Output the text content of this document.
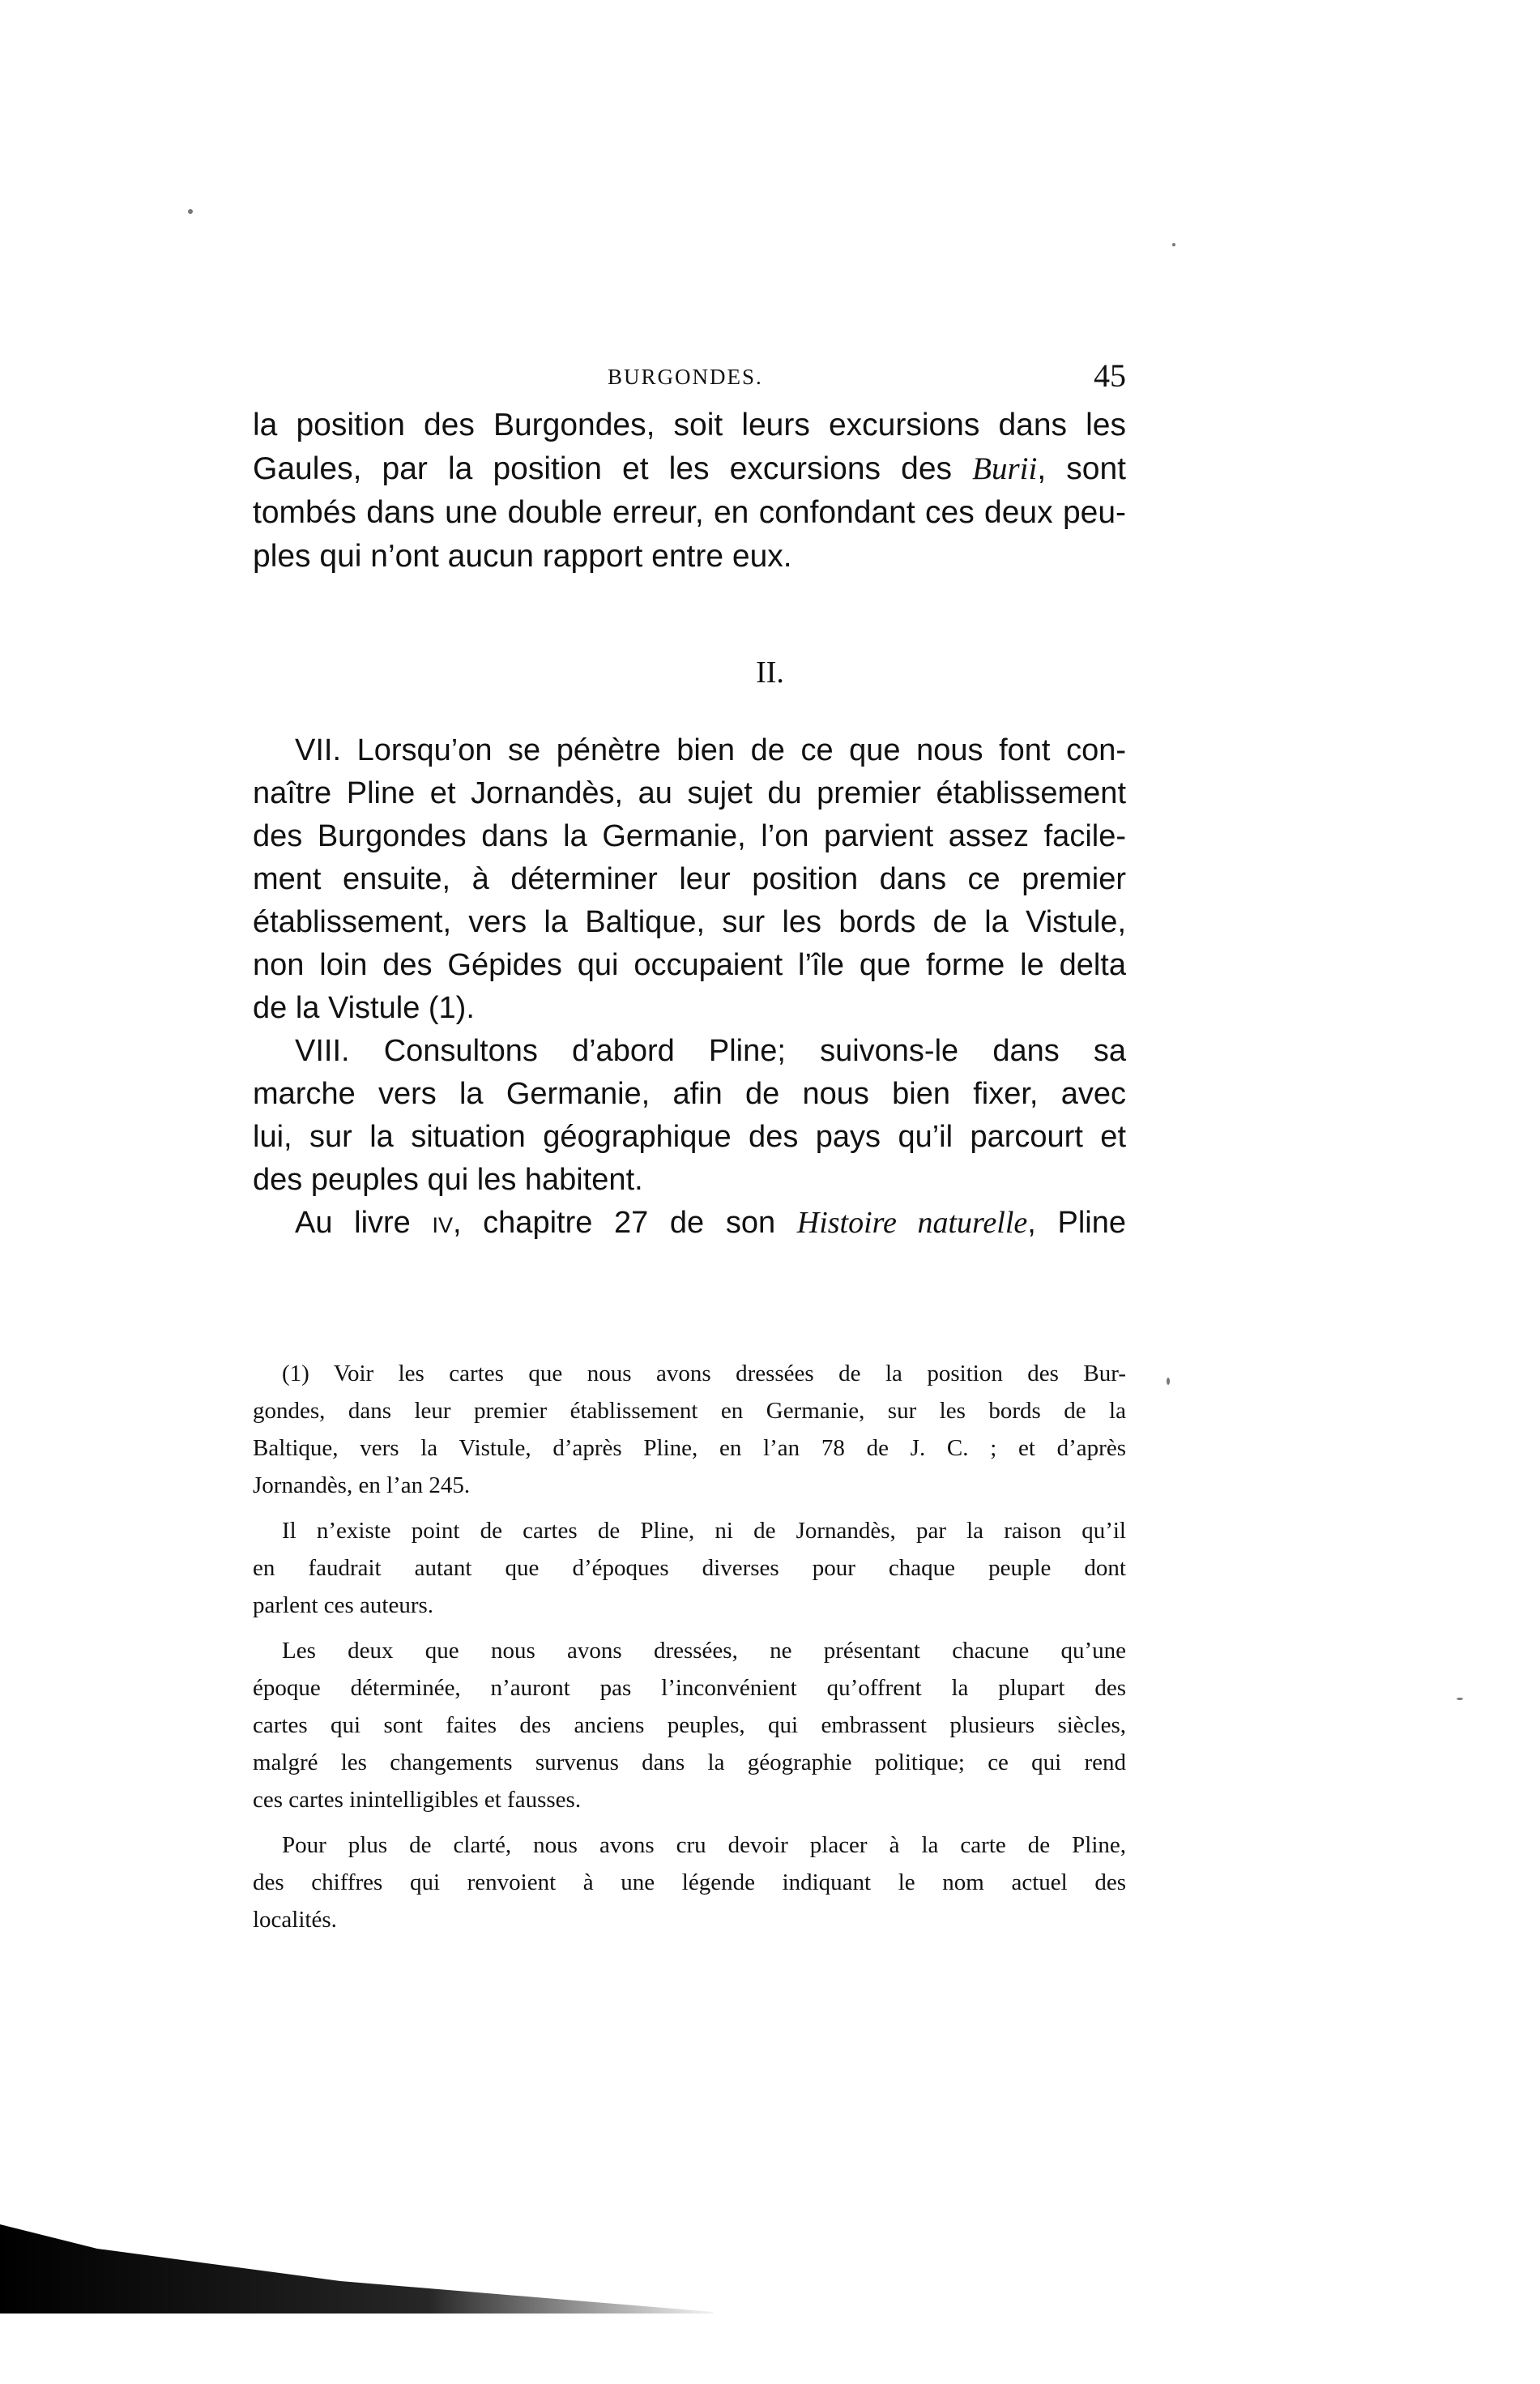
BURGONDES.	45
la position des Burgondes, soit leurs excursions dans les
Gaules, par la position et les excursions des Burii, sont
tombés dans une double erreur, en confondant ces deux peu-
ples qui n’ont aucun rapport entre eux.
II.
VII. Lorsqu’on se pénètre bien de ce que nous font con-
naître Pline et Jornandès, au sujet du premier établissement
des Burgondes dans la Germanie, l’on parvient assez facile-
ment ensuite, à déterminer leur position dans ce premier
établissement, vers la Baltique, sur les bords de la Vistule,
non loin des Gépides qui occupaient l’île que forme le delta
de la Vistule (1).
VIII. Consultons d’abord Pline; suivons-le dans sa
marche vers la Germanie, afin de nous bien fixer, avec
lui, sur la situation géographique des pays qu’il parcourt et
des peuples qui les habitent.
Au livre iv, chapitre 27 de son Histoire naturelle, Pline
(1) Voir les cartes que nous avons dressées de la position des Bur-
gondes, dans leur premier établissement en Germanie, sur les bords de la
Baltique, vers la Vistule, d’après Pline, en l’an 78 de J. C. ; et d’après
Jornandès, en l’an 245.
Il n’existe point de cartes de Pline, ni de Jornandès, par la raison qu’il
en faudrait autant que d’époques diverses pour chaque peuple dont
parlent ces auteurs.
Les deux que nous avons dressées, ne présentant chacune qu’une
époque déterminée, n’auront pas l’inconvénient qu’offrent la plupart des
cartes qui sont faites des anciens peuples, qui embrassent plusieurs siècles,
malgré les changements survenus dans la géographie politique; ce qui rend
ces cartes inintelligibles et fausses.
Pour plus de clarté, nous avons cru devoir placer à la carte de Pline,
des chiffres qui renvoient à une légende indiquant le nom actuel des
localités.
